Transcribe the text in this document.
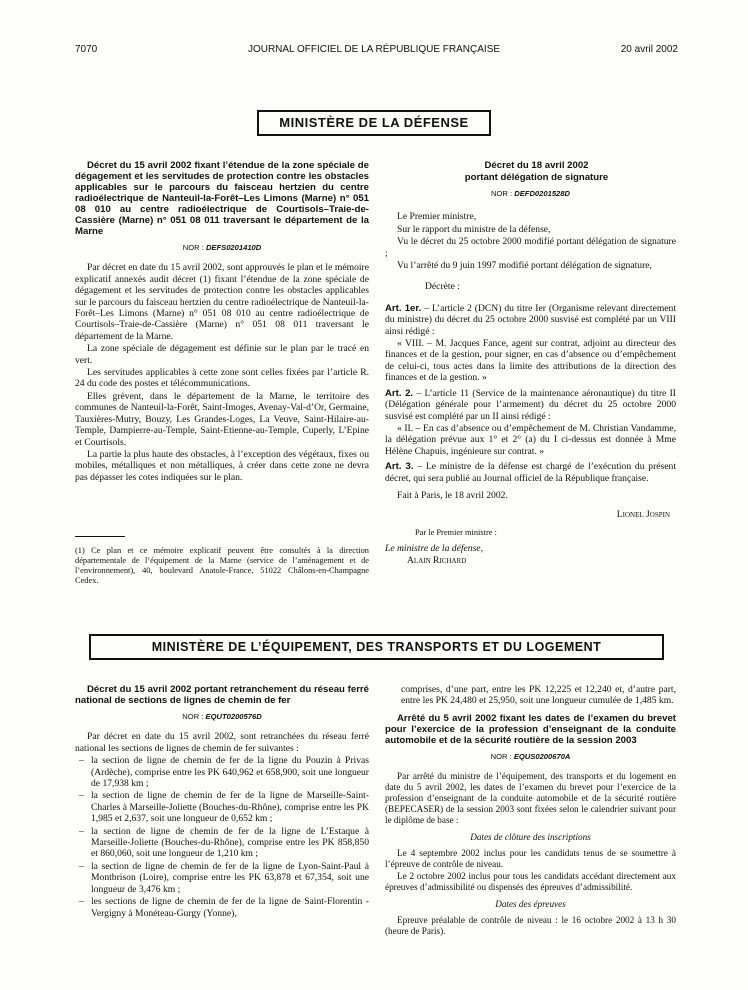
7070	JOURNAL OFFICIEL DE LA RÉPUBLIQUE FRANÇAISE	20 avril 2002
MINISTÈRE DE LA DÉFENSE

Décret du 15 avril 2002 fixant l’étendue de la zone spéciale de dégagement et les servitudes de protection contre les obstacles applicables sur le parcours du faisceau hertzien du centre radioélectrique de Nanteuil-la-Forêt–Les Limons (Marne) n° 051 08 010 au centre radioélectrique de Courtisols–Traie-de-Cassière (Marne) n° 051 08 011 traversant le département de la Marne

NOR : DEFS0201410D

Par décret en date du 15 avril 2002, sont approuvés le plan et le mémoire explicatif annexés audit décret (1) fixant l’étendue de la zone spéciale de dégagement et les servitudes de protection contre les obstacles applicables sur le parcours du faisceau hertzien du centre radioélectrique de Nanteuil-la-Forêt–Les Limons (Marne) n° 051 08 010 au centre radioélectrique de Courtisols–Traie-de-Cassière (Marne) n° 051 08 011 traversant le département de la Marne.

La zone spéciale de dégagement est définie sur le plan par le tracé en vert.

Les servitudes applicables à cette zone sont celles fixées par l’article R. 24 du code des postes et télécommunications.

Elles grèvent, dans le département de la Marne, le territoire des communes de Nanteuil-la-Forêt, Saint-Imoges, Avenay-Val-d’Or, Germaine, Tauxières-Mutry, Bouzy, Les Grandes-Loges, La Veuve, Saint-Hilaire-au-Temple, Dampierre-au-Temple, Saint-Etienne-au-Temple, Cuperly, L’Epine et Courtisols.

La partie la plus haute des obstacles, à l’exception des végétaux, fixes ou mobiles, métalliques et non métalliques, à créer dans cette zone ne devra pas dépasser les cotes indiquées sur le plan.

(1) Ce plan et ce mémoire explicatif peuvent être consultés à la direction départementale de l’équipement de la Marne (service de l’aménagement et de l’environnement), 40, boulevard Anatole-France, 51022 Châlons-en-Champagne Cedex.

Décret du 18 avril 2002

portant délégation de signature

NOR : DEFD0201528D

Le Premier ministre,

Sur le rapport du ministre de la défense,

Vu le décret du 25 octobre 2000 modifié portant délégation de signature ;

Vu l’arrêté du 9 juin 1997 modifié portant délégation de signature,

Décrète :

Art. 1er. – L’article 2 (DCN) du titre Ier (Organisme relevant directement du ministre) du décret du 25 octobre 2000 susvisé est complété par un VIII ainsi rédigé :

« VIII. – M. Jacques Fance, agent sur contrat, adjoint au directeur des finances et de la gestion, pour signer, en cas d’absence ou d’empêchement de celui-ci, tous actes dans la limite des attributions de la direction des finances et de la gestion. »

Art. 2. – L’article 11 (Service de la maintenance aéronautique) du titre II (Délégation générale pour l’armement) du décret du 25 octobre 2000 susvisé est complété par un II ainsi rédigé :

« II. – En cas d’absence ou d’empêchement de M. Christian Vandamme, la délégation prévue aux 1° et 2° (a) du I ci-dessus est donnée à Mme Hélène Chapuis, ingénieure sur contrat. »

Art. 3. – Le ministre de la défense est chargé de l’exécution du présent décret, qui sera publié au Journal officiel de la République française.

Fait à Paris, le 18 avril 2002.

Lionel Jospin
Par le Premier ministre :
Le ministre de la défense,
Alain Richard
MINISTÈRE DE L’ÉQUIPEMENT, DES TRANSPORTS ET DU LOGEMENT

Décret du 15 avril 2002 portant retranchement du réseau ferré national de sections de lignes de chemin de fer

NOR : EQUT0200576D

Par décret en date du 15 avril 2002, sont retranchées du réseau ferré national les sections de lignes de chemin de fer suivantes :

– la section de ligne de chemin de fer de la ligne du Pouzin à Privas (Ardèche), comprise entre les PK 640,962 et 658,900, soit une longueur de 17,938 km ;
– la section de ligne de chemin de fer de la ligne de Marseille-Saint-Charles à Marseille-Joliette (Bouches-du-Rhône), comprise entre les PK 1,985 et 2,637, soit une longueur de 0,652 km ;
– la section de ligne de chemin de fer de la ligne de L’Estaque à Marseille-Joliette (Bouches-du-Rhône), comprise entre les PK 858,850 et 860,060, soit une longueur de 1,210 km ;
– la section de ligne de chemin de fer de la ligne de Lyon-Saint-Paul à Montbrison (Loire), comprise entre les PK 63,878 et 67,354, soit une longueur de 3,476 km ;
– les sections de ligne de chemin de fer de la ligne de Saint-Florentin - Vergigny à Monéteau-Gurgy (Yonne),

comprises, d’une part, entre les PK 12,225 et 12,240 et, d’autre part, entre les PK 24,480 et 25,950, soit une longueur cumulée de 1,485 km.

Arrêté du 5 avril 2002 fixant les dates de l’examen du brevet pour l’exercice de la profession d’enseignant de la conduite automobile et de la sécurité routière de la session 2003

NOR : EQUS0200670A

Par arrêté du ministre de l’équipement, des transports et du logement en date du 5 avril 2002, les dates de l’examen du brevet pour l’exercice de la profession d’enseignant de la conduite automobile et de la sécurité routière (BEPECASER) de la session 2003 sont fixées selon le calendrier suivant pour le diplôme de base :

Dates de clôture des inscriptions

Le 4 septembre 2002 inclus pour les candidats tenus de se soumettre à l’épreuve de contrôle de niveau.

Le 2 octobre 2002 inclus pour tous les candidats accédant directement aux épreuves d’admissibilité ou dispensés des épreuves d’admissibilité.

Dates des épreuves

Epreuve préalable de contrôle de niveau : le 16 octobre 2002 à 13 h 30 (heure de Paris).
